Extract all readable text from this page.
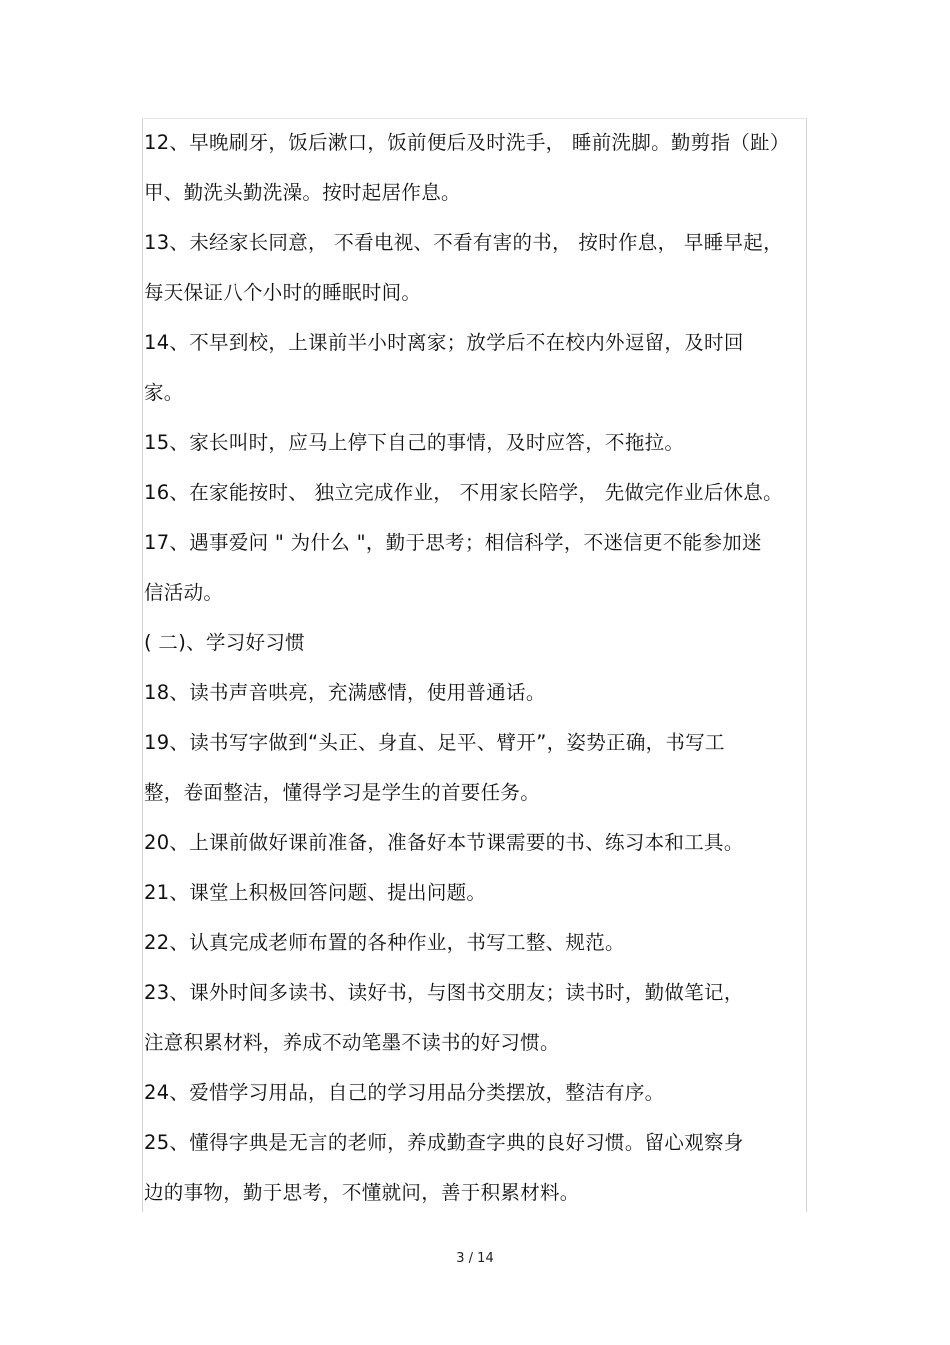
12、早晚刷牙，饭后漱口，饭前便后及时洗手， 睡前洗脚。勤剪指（趾）
甲、勤洗头勤洗澡。按时起居作息。
13、未经家长同意， 不看电视、不看有害的书， 按时作息， 早睡早起，
每天保证八个小时的睡眠时间。
14、不早到校，上课前半小时离家；放学后不在校内外逗留，及时回
家。
15、家长叫时，应马上停下自己的事情，及时应答，不拖拉。
16、在家能按时、 独立完成作业， 不用家长陪学， 先做完作业后休息。
17、遇事爱问 " 为什么 "，勤于思考；相信科学，不迷信更不能参加迷
信活动。
( 二)、学习好习惯
18、读书声音哄亮，充满感情，使用普通话。
19、读书写字做到“头正、身直、足平、臂开”，姿势正确，书写工
整，卷面整洁，懂得学习是学生的首要任务。
20、上课前做好课前准备，准备好本节课需要的书、练习本和工具。
21、课堂上积极回答问题、提出问题。
22、认真完成老师布置的各种作业，书写工整、规范。
23、课外时间多读书、读好书，与图书交朋友；读书时，勤做笔记，
注意积累材料，养成不动笔墨不读书的好习惯。
24、爱惜学习用品，自己的学习用品分类摆放，整洁有序。
25、懂得字典是无言的老师，养成勤查字典的良好习惯。留心观察身
边的事物，勤于思考，不懂就问，善于积累材料。
3 / 14
